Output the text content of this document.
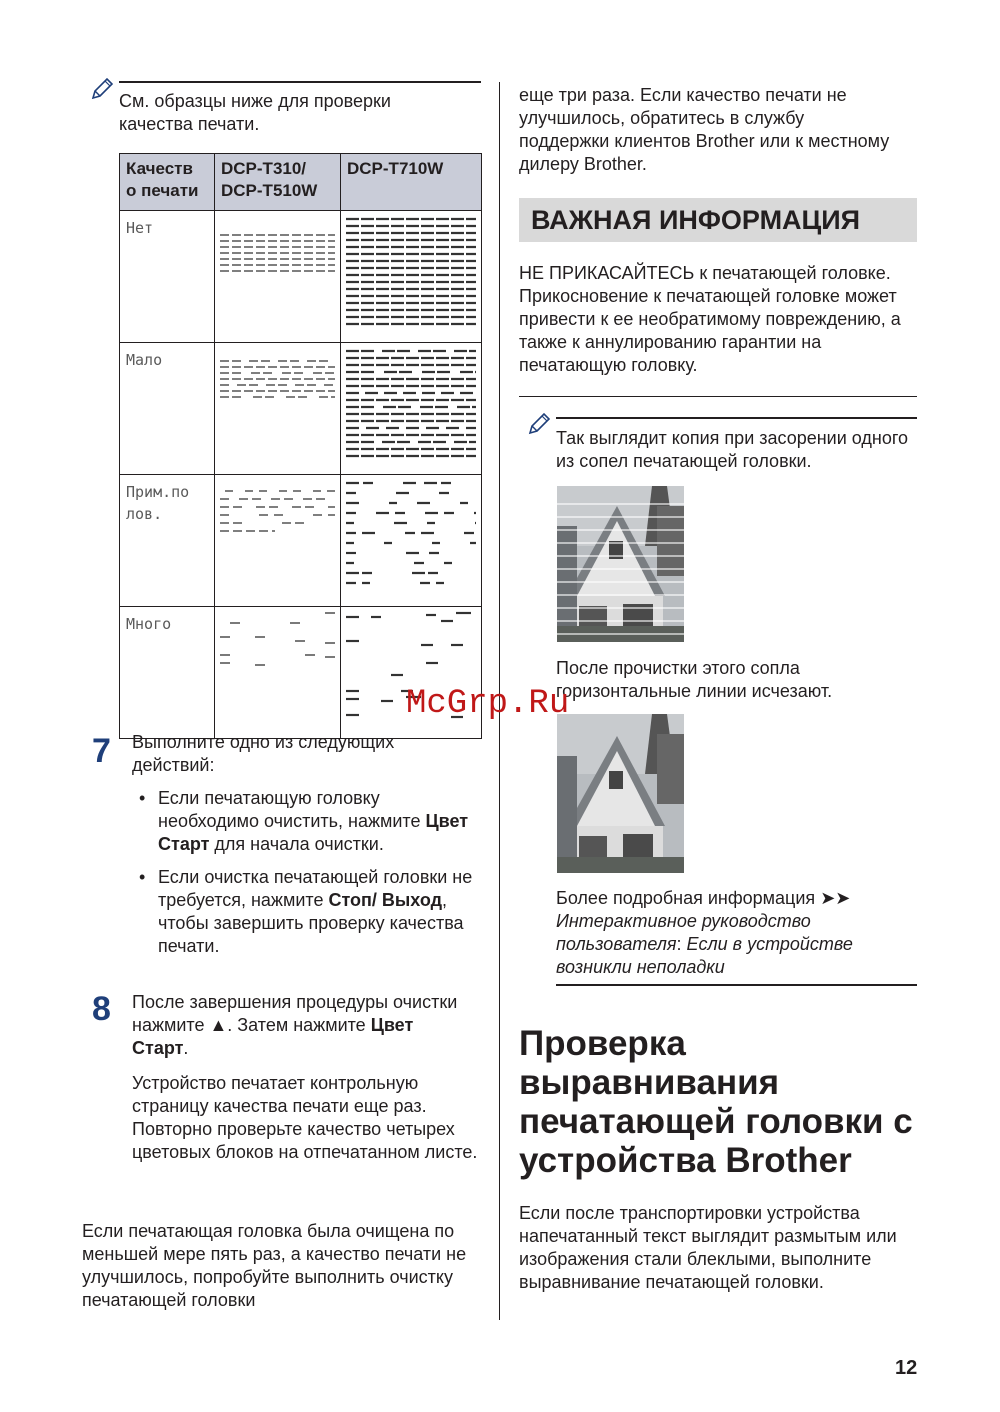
См. образцы ниже для проверки качества печати.
Качеств о печати	DCP-T310/ DCP-T510W	DCP-T710W
Нет	

Мало	

Прим.по лов.	

Много	

7 Выполните одно из следующих действий:
• Если печатающую головку необходимо очистить, нажмите Цвет Старт для начала очистки.
• Если очистка печатающей головки не требуется, нажмите Стоп/ Выход, чтобы завершить проверку качества печати.
8 После завершения процедуры очистки нажмите ▲. Затем нажмите Цвет Старт.
Устройство печатает контрольную страницу качества печати еще раз. Повторно проверьте качество четырех цветовых блоков на отпечатанном листе.
Если печатающая головка была очищена по меньшей мере пять раз, а качество печати не улучшилось, попробуйте выполнить очистку печатающей головки
еще три раза. Если качество печати не улучшилось, обратитесь в службу поддержки клиентов Brother или к местному дилеру Brother.
ВАЖНАЯ ИНФОРМАЦИЯ
НЕ ПРИКАСАЙТЕСЬ к печатающей головке. Прикосновение к печатающей головке может привести к ее необратимому повреждению, а также к аннулированию гарантии на печатающую головку.
Так выглядит копия при засорении одного из сопел печатающей головки.
После прочистки этого сопла горизонтальные линии исчезают.
Более подробная информация ➤➤
Интерактивное руководство пользователя: Если в устройстве возникли неполадки
Проверка выравнивания печатающей головки с устройства Brother
Если после транспортировки устройства напечатанный текст выглядит размытым или изображения стали блеклыми, выполните выравнивание печатающей головки.
McGrp.Ru
12
